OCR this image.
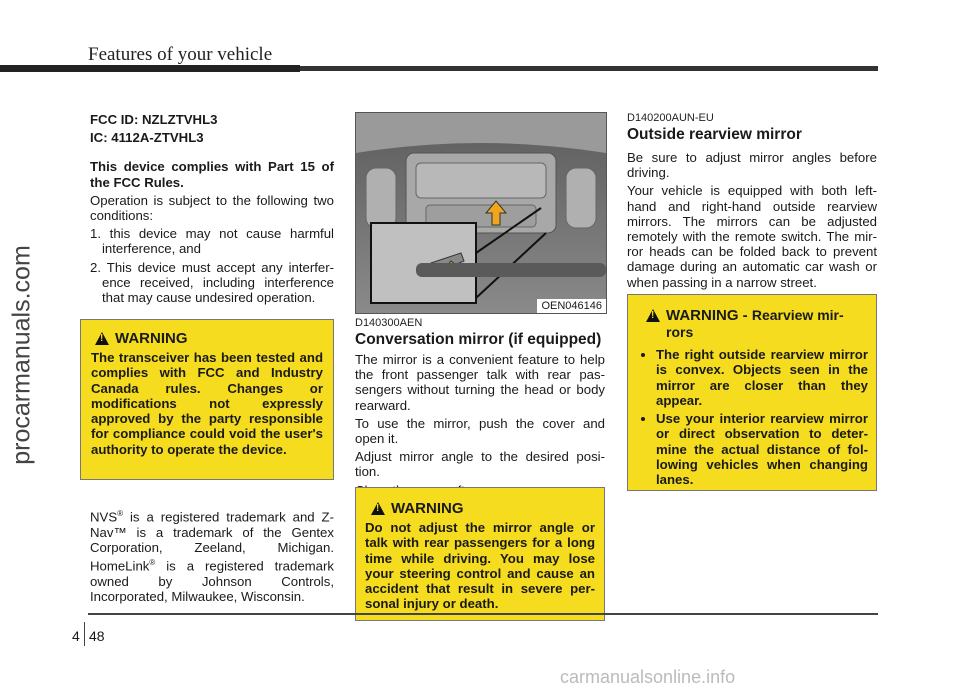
Features of your vehicle
procarmanuals.com

FCC ID: NZLZTVHL3

IC: 4112A-ZTVHL3

This device complies with Part 15 of the FCC Rules.

Operation is subject to the following two conditions:

1. this device may not cause harmful interference, and

2. This device must accept any interfer- ence received, including interference that may cause undesired operation.

!
WARNING

The transceiver has been tested and complies with FCC and Industry Canada rules. Changes or modifications not expressly approved by the party responsible for compliance could void the user's authority to operate the device.

NVS® is a registered trademark and Z-Nav™ is a trademark of the Gentex Corporation, Zeeland, Michigan. HomeLink® is a registered trademark owned by Johnson Controls, Incorporated, Milwaukee, Wisconsin.

OEN046146
D140300AEN
Conversation mirror (if equipped)

The mirror is a convenient feature to help the front passenger talk with rear pas- sengers without turning the head or body rearward.

To use the mirror, push the cover and open it.

Adjust mirror angle to the desired posi- tion.

!
WARNING

Do not adjust the mirror angle or talk with rear passengers for a long time while driving. You may lose your steering control and cause an accident that result in severe per- sonal injury or death.

D140200AUN-EU
Outside rearview mirror

Be sure to adjust mirror angles before driving.

Your vehicle is equipped with both left- hand and right-hand outside rearview mirrors. The mirrors can be adjusted remotely with the remote switch. The mir- ror heads can be folded back to prevent damage during an automatic car wash or when passing in a narrow street.

!
WARNING - Rearview mir- rors
• The right outside rearview mirror is convex. Objects seen in the mirror are closer than they appear.
• Use your interior rearview mirror or direct observation to deter- mine the actual distance of fol- lowing vehicles when changing lanes.
4 48
carmanualsonline.info
